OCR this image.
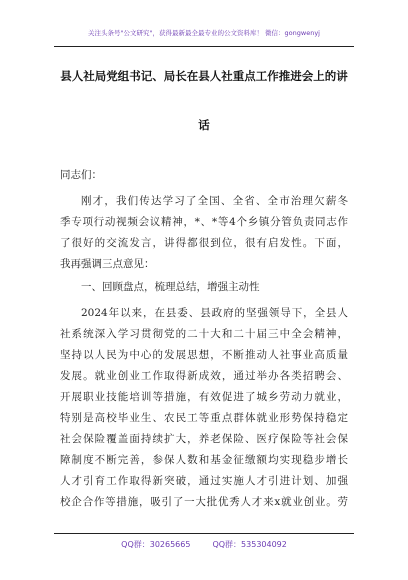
关注头条号"公文研究"，获得最新最全最专业的公文资料库！ 微信：gongwenyj
县人社局党组书记、局长在县人社重点工作推进会上的讲
话
同志们：
刚才，我们传达学习了全国、全省、全市治理欠薪冬
季专项行动视频会议精神，*、*等4个乡镇分管负责同志作
了很好的交流发言，讲得都很到位，很有启发性。下面，
我再强调三点意见：
一、回顾盘点，梳理总结，增强主动性
2024年以来，在县委、县政府的坚强领导下，全县人
社系统深入学习贯彻党的二十大和二十届三中全会精神，
坚持以人民为中心的发展思想，不断推动人社事业高质量
发展。就业创业工作取得新成效，通过举办各类招聘会、
开展职业技能培训等措施，有效促进了城乡劳动力就业，
特别是高校毕业生、农民工等重点群体就业形势保持稳定
社会保险覆盖面持续扩大，养老保险、医疗保险等社会保
障制度不断完善，参保人数和基金征缴额均实现稳步增长
人才引育工作取得新突破，通过实施人才引进计划、加强
校企合作等措施，吸引了一大批优秀人才来x就业创业。劳
QQ群：30265665	QQ群：535304092
